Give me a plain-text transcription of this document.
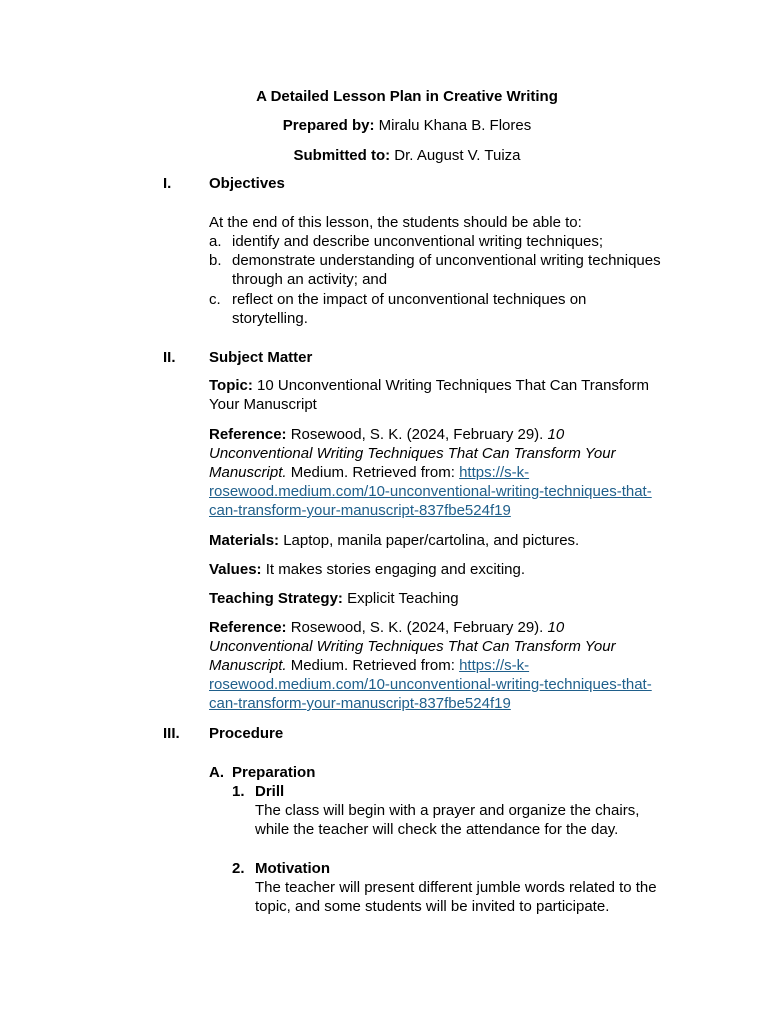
A Detailed Lesson Plan in Creative Writing
Prepared by: Miralu Khana B. Flores
Submitted to: Dr. August V. Tuiza
I.	Objectives
At the end of this lesson, the students should be able to:
a. identify and describe unconventional writing techniques;
b. demonstrate understanding of unconventional writing techniques through an activity; and
c. reflect on the impact of unconventional techniques on storytelling.
II. Subject Matter
Topic: 10 Unconventional Writing Techniques That Can Transform Your Manuscript
Reference: Rosewood, S. K. (2024, February 29). 10 Unconventional Writing Techniques That Can Transform Your Manuscript. Medium. Retrieved from: https://s-k-rosewood.medium.com/10-unconventional-writing-techniques-that-can-transform-your-manuscript-837fbe524f19
Materials: Laptop, manila paper/cartolina, and pictures.
Values: It makes stories engaging and exciting.
Teaching Strategy: Explicit Teaching
Reference: Rosewood, S. K. (2024, February 29). 10 Unconventional Writing Techniques That Can Transform Your Manuscript. Medium. Retrieved from: https://s-k-rosewood.medium.com/10-unconventional-writing-techniques-that-can-transform-your-manuscript-837fbe524f19
III. Procedure
A. Preparation
1. Drill
The class will begin with a prayer and organize the chairs, while the teacher will check the attendance for the day.
2. Motivation
The teacher will present different jumble words related to the topic, and some students will be invited to participate.
